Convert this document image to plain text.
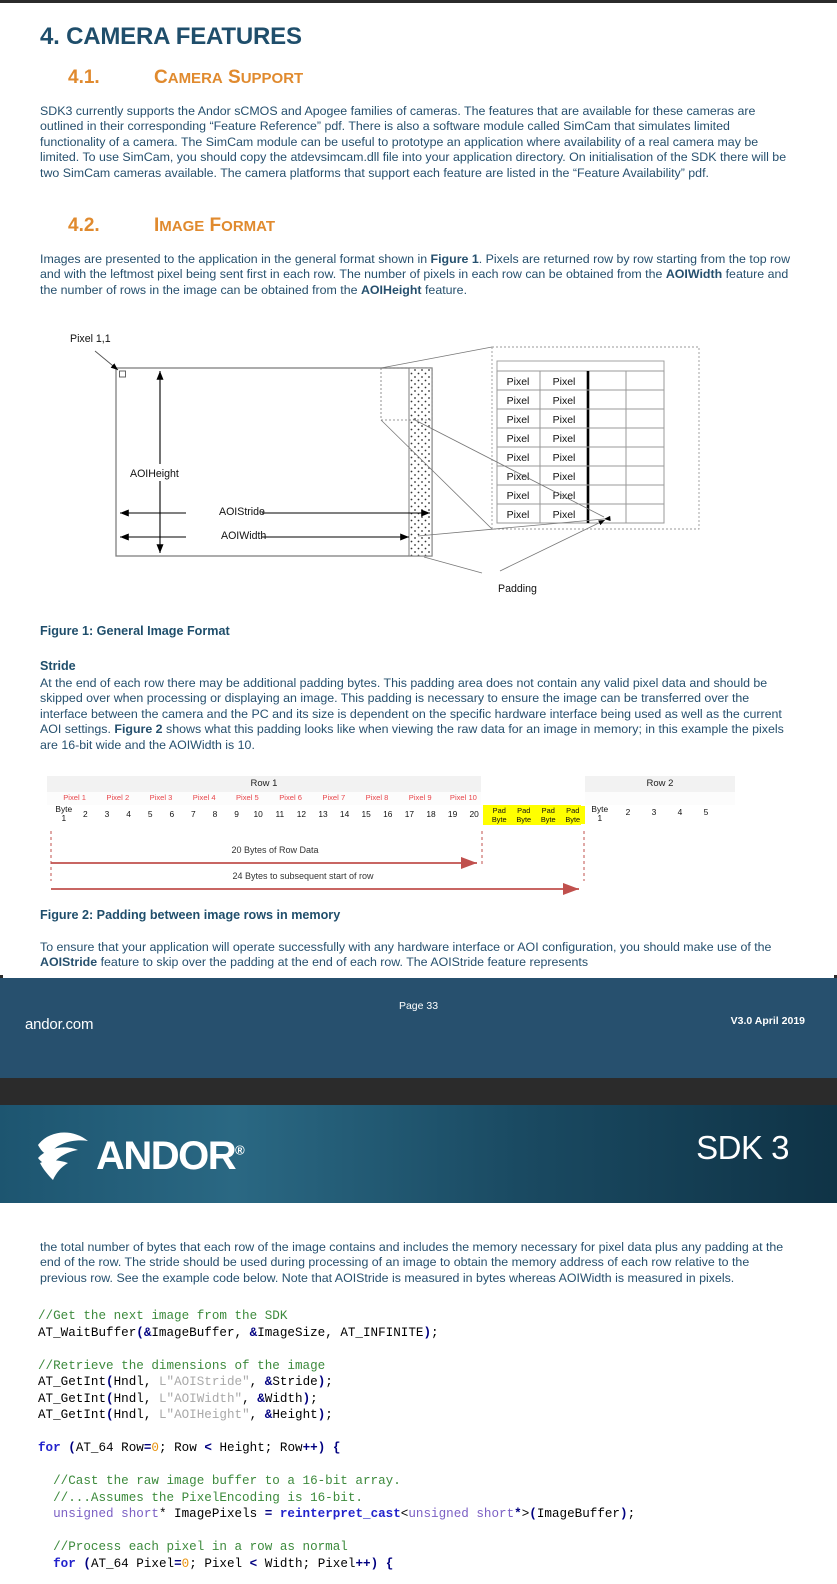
4. CAMERA FEATURES
4.1.	CAMERA SUPPORT
SDK3 currently supports the Andor sCMOS and Apogee families of cameras. The features that are available for these cameras are outlined in their corresponding “Feature Reference” pdf. There is also a software module called SimCam that simulates limited functionality of a camera. The SimCam module can be useful to prototype an application where availability of a real camera may be limited. To use SimCam, you should copy the atdevsimcam.dll file into your application directory. On initialisation of the SDK there will be two SimCam cameras available. The camera platforms that support each feature are listed in the “Feature Availability” pdf.
4.2.	IMAGE FORMAT
Images are presented to the application in the general format shown in Figure 1. Pixels are returned row by row starting from the top row and with the leftmost pixel being sent first in each row. The number of pixels in each row can be obtained from the AOIWidth feature and the number of rows in the image can be obtained from the AOIHeight feature.
Pixel Pixel
Pixel Pixel
Pixel Pixel
Pixel Pixel
Pixel Pixel
Pixel Pixel
Pixel Pixel
Pixel Pixel
Pixel 1,1
AOIHeight
AOIStride
AOIWidth
Padding
Figure 1: General Image Format
Stride
At the end of each row there may be additional padding bytes. This padding area does not contain any valid pixel data and should be skipped over when processing or displaying an image. This padding is necessary to ensure the image can be transferred over the interface between the camera and the PC and its size is dependent on the specific hardware interface being used as well as the current AOI settings. Figure 2 shows what this padding looks like when viewing the raw data for an image in memory; in this example the pixels are 16-bit wide and the AOIWidth is 10.
Row 1	Row 2
Pixel 1	Pixel 2	Pixel 3	Pixel 4	Pixel 5	Pixel 6	Pixel 7	Pixel 8	Pixel 9	Pixel 10
Byte
1	2	3	4	5	6	7	8	9	10	11	12	13	14	15	16	17	18	19	20	Pad
Byte
Pad
Byte
Pad
Byte
Pad
Byte
Byte
1
2	3	4	5
20 Bytes of Row Data
24 Bytes to subsequent start of row
Figure 2: Padding between image rows in memory
To ensure that your application will operate successfully with any hardware interface or AOI configuration, you should make use of the AOIStride feature to skip over the padding at the end of each row. The AOIStride feature represents
Page 33
andor.com	V3.0 April 2019
ANDOR®	SDK 3
the total number of bytes that each row of the image contains and includes the memory necessary for pixel data plus any padding at the end of the row. The stride should be used during processing of an image to obtain the memory address of each row relative to the previous row. See the example code below. Note that AOIStride is measured in bytes whereas AOIWidth is measured in pixels.
//Get the next image from the SDK
AT_WaitBuffer(&ImageBuffer, &ImageSize, AT_INFINITE);

//Retrieve the dimensions of the image
AT_GetInt(Hndl, L"AOIStride", &Stride);
AT_GetInt(Hndl, L"AOIWidth", &Width);
AT_GetInt(Hndl, L"AOIHeight", &Height);

for (AT_64 Row=0; Row < Height; Row++) {

//Cast the raw image buffer to a 16-bit array.
//...Assumes the PixelEncoding is 16-bit.
unsigned short* ImagePixels = reinterpret_cast<unsigned short*>(ImageBuffer);

//Process each pixel in a row as normal
for (AT_64 Pixel=0; Pixel < Width; Pixel++) {
